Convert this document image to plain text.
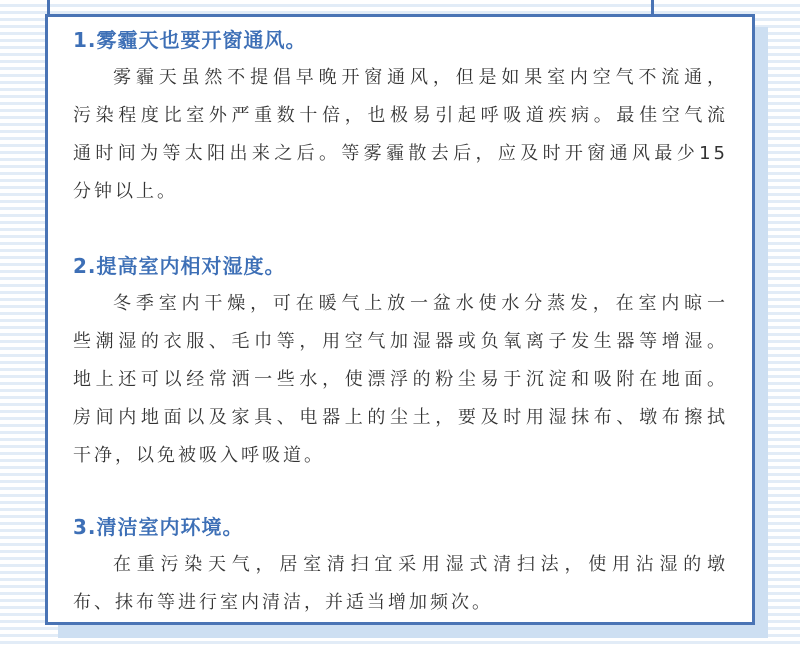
1.雾霾天也要开窗通风。
雾霾天虽然不提倡早晚开窗通风，但是如果室内空气不流通，
污染程度比室外严重数十倍，也极易引起呼吸道疾病。最佳空气流
通时间为等太阳出来之后。等雾霾散去后，应及时开窗通风最少15
分钟以上。
2.提高室内相对湿度。
冬季室内干燥，可在暖气上放一盆水使水分蒸发，在室内晾一
些潮湿的衣服、毛巾等，用空气加湿器或负氧离子发生器等增湿。
地上还可以经常洒一些水，使漂浮的粉尘易于沉淀和吸附在地面。
房间内地面以及家具、电器上的尘土，要及时用湿抹布、墩布擦拭
干净，以免被吸入呼吸道。
3.清洁室内环境。
在重污染天气，居室清扫宜采用湿式清扫法，使用沾湿的墩
布、抹布等进行室内清洁，并适当增加频次。
